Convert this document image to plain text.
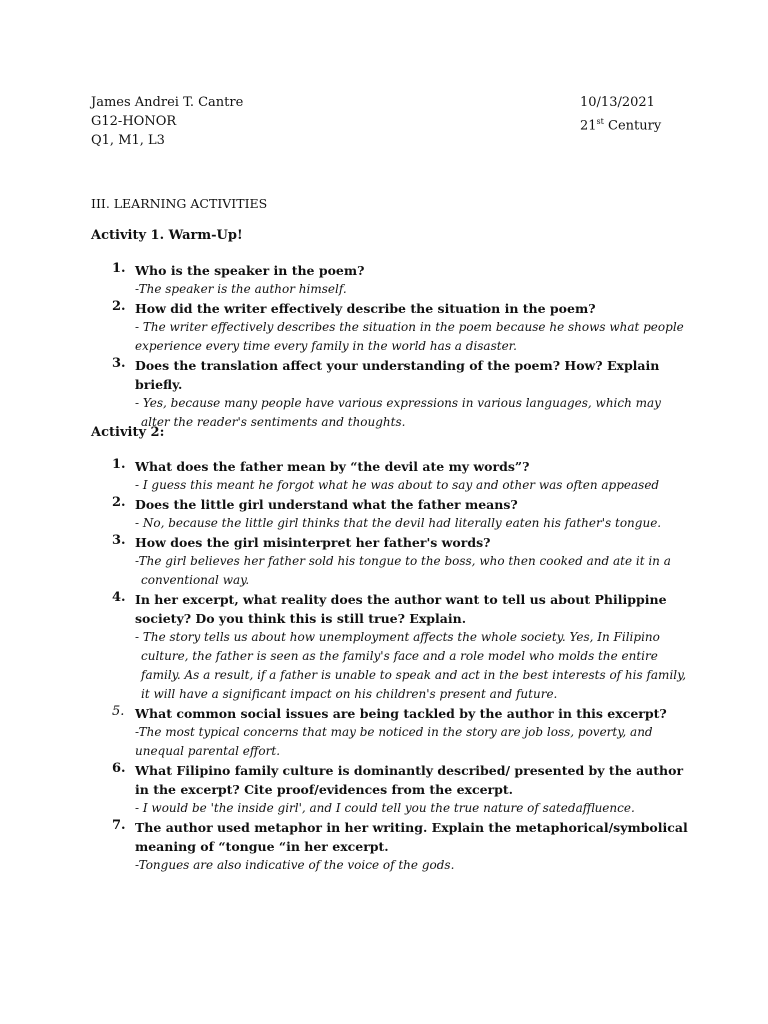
James Andrei T. Cantre
G12-HONOR
Q1, M1, L3
10/13/2021
21st Century
III. LEARNING ACTIVITIES
Activity 1. Warm-Up!
1. Who is the speaker in the poem?
-The speaker is the author himself.
2. How did the writer effectively describe the situation in the poem?
- The writer effectively describes the situation in the poem because he shows what people experience every time every family in the world has a disaster.
3. Does the translation affect your understanding of the poem? How? Explain briefly.
- Yes, because many people have various expressions in various languages, which may alter the reader's sentiments and thoughts.
Activity 2:
1. What does the father mean by “the devil ate my words”?
- I guess this meant he forgot what he was about to say and other was often appeased
2. Does the little girl understand what the father means?
- No, because the little girl thinks that the devil had literally eaten his father's tongue.
3. How does the girl misinterpret her father's words?
-The girl believes her father sold his tongue to the boss, who then cooked and ate it in a conventional way.
4. In her excerpt, what reality does the author want to tell us about Philippine society? Do you think this is still true? Explain.
- The story tells us about how unemployment affects the whole society. Yes, In Filipino culture, the father is seen as the family's face and a role model who molds the entire family. As a result, if a father is unable to speak and act in the best interests of his family, it will have a significant impact on his children's present and future.
5. What common social issues are being tackled by the author in this excerpt?
-The most typical concerns that may be noticed in the story are job loss, poverty, and unequal parental effort.
6. What Filipino family culture is dominantly described/ presented by the author in the excerpt? Cite proof/evidences from the excerpt.
- I would be 'the inside girl', and I could tell you the true nature of satedaffluence.
7. The author used metaphor in her writing. Explain the metaphorical/symbolical meaning of “tongue “in her excerpt.
-Tongues are also indicative of the voice of the gods.
